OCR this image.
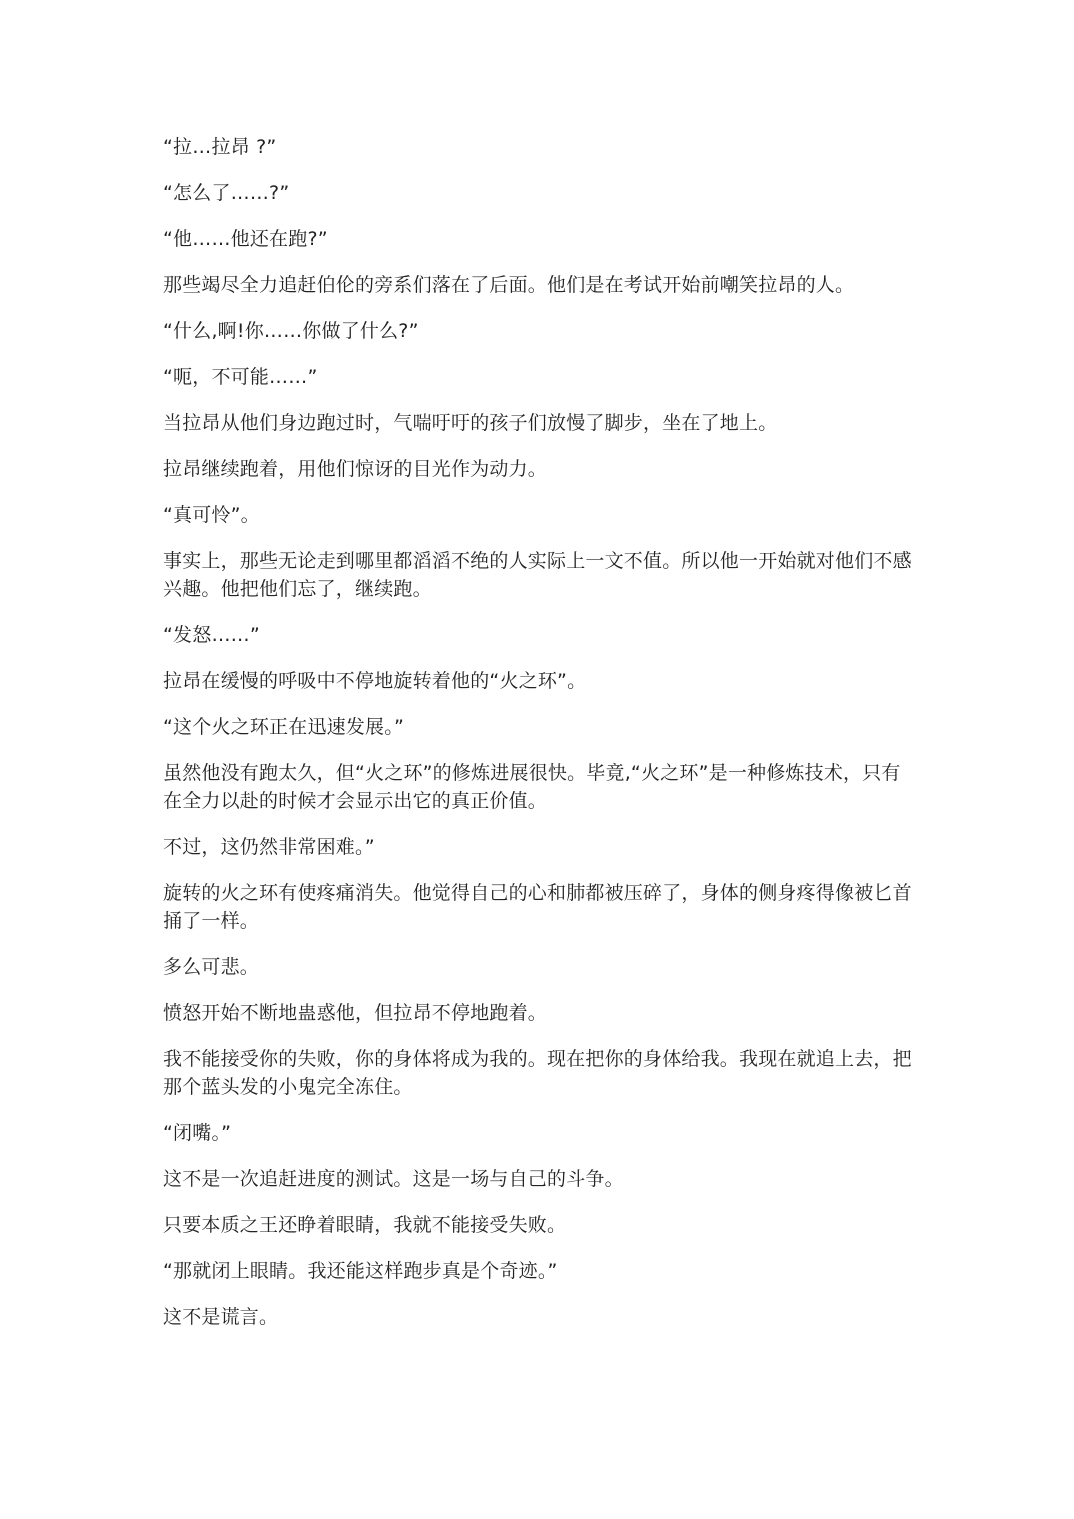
“拉…拉昂 ?”

“怎么了……?”

“他……他还在跑?”

那些竭尽全力追赶伯伦的旁系们落在了后面。他们是在考试开始前嘲笑拉昂的人。

“什么,啊!你……你做了什么?”

“呃，不可能……”

当拉昂从他们身边跑过时，气喘吁吁的孩子们放慢了脚步，坐在了地上。

拉昂继续跑着，用他们惊讶的目光作为动力。

“真可怜”。

事实上，那些无论走到哪里都滔滔不绝的人实际上一文不值。所以他一开始就对他们不感兴趣。他把他们忘了，继续跑。

“发怒……”

拉昂在缓慢的呼吸中不停地旋转着他的“火之环”。

“这个火之环正在迅速发展。”

虽然他没有跑太久，但“火之环”的修炼进展很快。毕竟,“火之环”是一种修炼技术，只有在全力以赴的时候才会显示出它的真正价值。

不过，这仍然非常困难。”

旋转的火之环有使疼痛消失。他觉得自己的心和肺都被压碎了，身体的侧身疼得像被匕首捅了一样。

多么可悲。

愤怒开始不断地蛊惑他，但拉昂不停地跑着。

我不能接受你的失败，你的身体将成为我的。现在把你的身体给我。我现在就追上去，把那个蓝头发的小鬼完全冻住。

“闭嘴。”

这不是一次追赶进度的测试。这是一场与自己的斗争。

只要本质之王还睁着眼睛，我就不能接受失败。

“那就闭上眼睛。我还能这样跑步真是个奇迹。”

这不是谎言。
